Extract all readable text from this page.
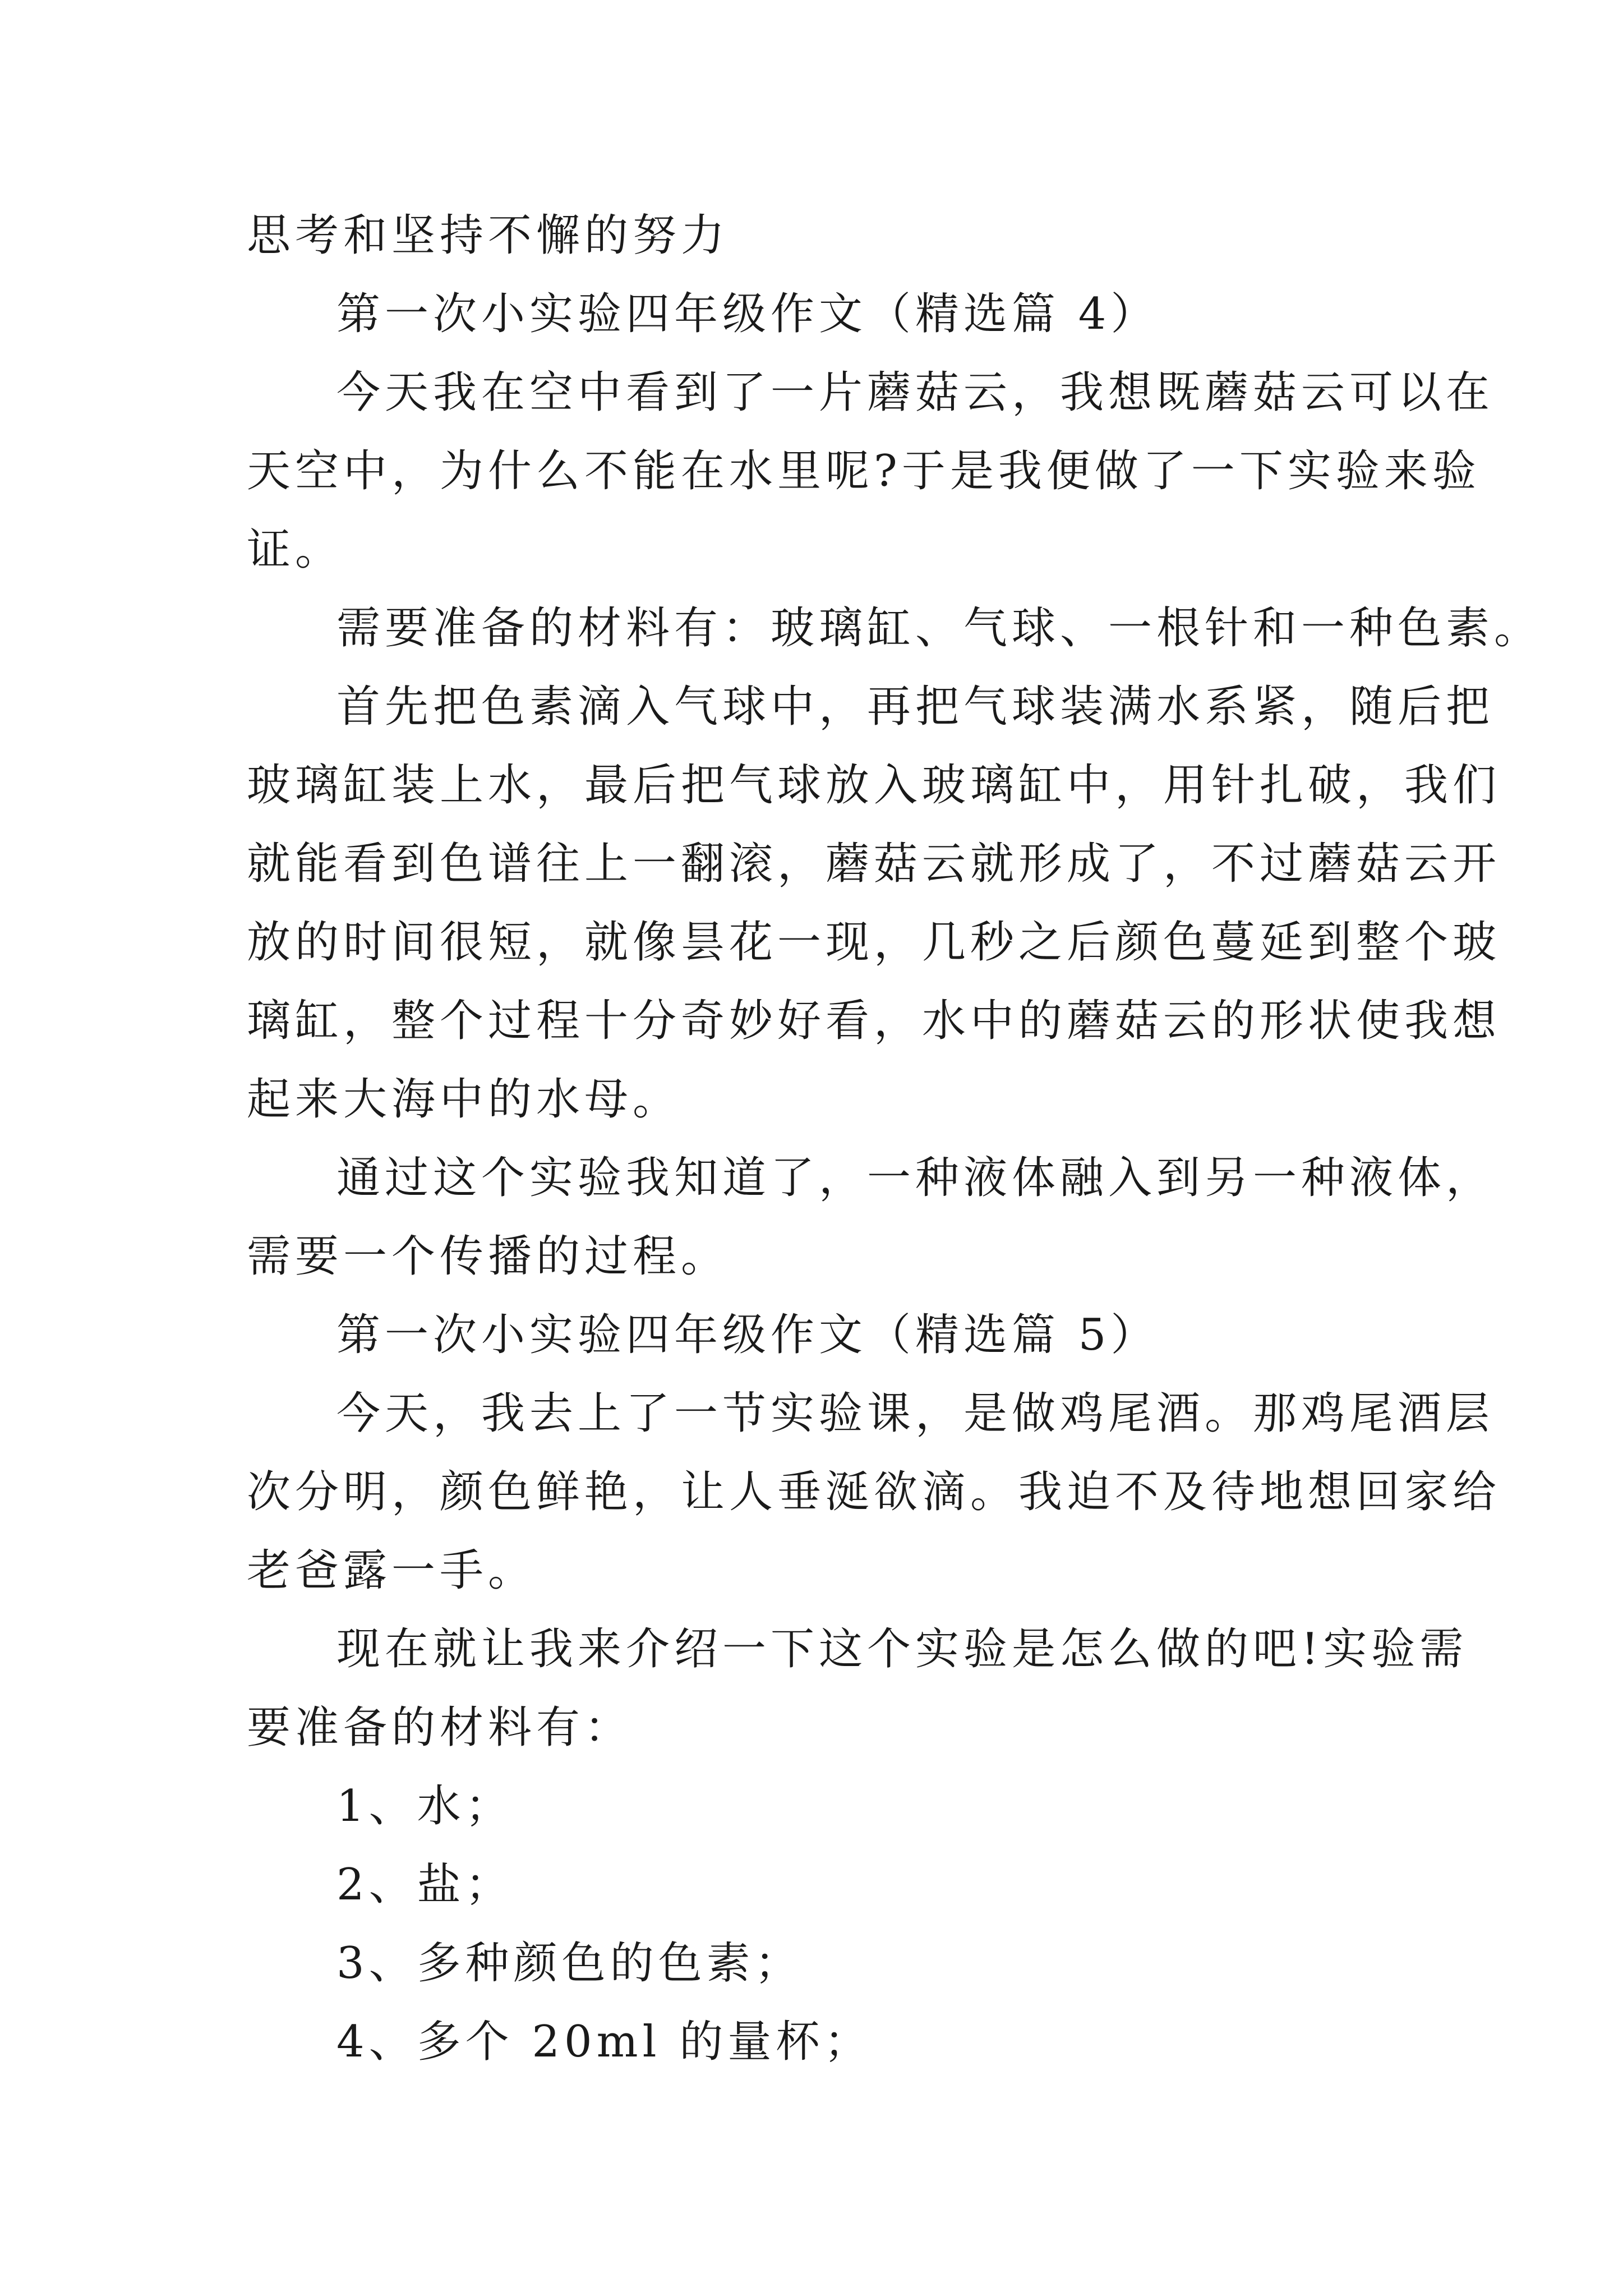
思考和坚持不懈的努力
第一次小实验四年级作文（精选篇 4）
今天我在空中看到了一片蘑菇云，我想既蘑菇云可以在
天空中，为什么不能在水里呢?于是我便做了一下实验来验
证。
需要准备的材料有：玻璃缸、气球、一根针和一种色素。
首先把色素滴入气球中，再把气球装满水系紧，随后把
玻璃缸装上水，最后把气球放入玻璃缸中，用针扎破，我们
就能看到色谱往上一翻滚，蘑菇云就形成了，不过蘑菇云开
放的时间很短，就像昙花一现，几秒之后颜色蔓延到整个玻
璃缸，整个过程十分奇妙好看，水中的蘑菇云的形状使我想
起来大海中的水母。
通过这个实验我知道了，一种液体融入到另一种液体，
需要一个传播的过程。
第一次小实验四年级作文（精选篇 5）
今天，我去上了一节实验课，是做鸡尾酒。那鸡尾酒层
次分明，颜色鲜艳，让人垂涎欲滴。我迫不及待地想回家给
老爸露一手。
现在就让我来介绍一下这个实验是怎么做的吧!实验需
要准备的材料有：
1、水；
2、盐；
3、多种颜色的色素；
4、多个 20ml 的量杯；
